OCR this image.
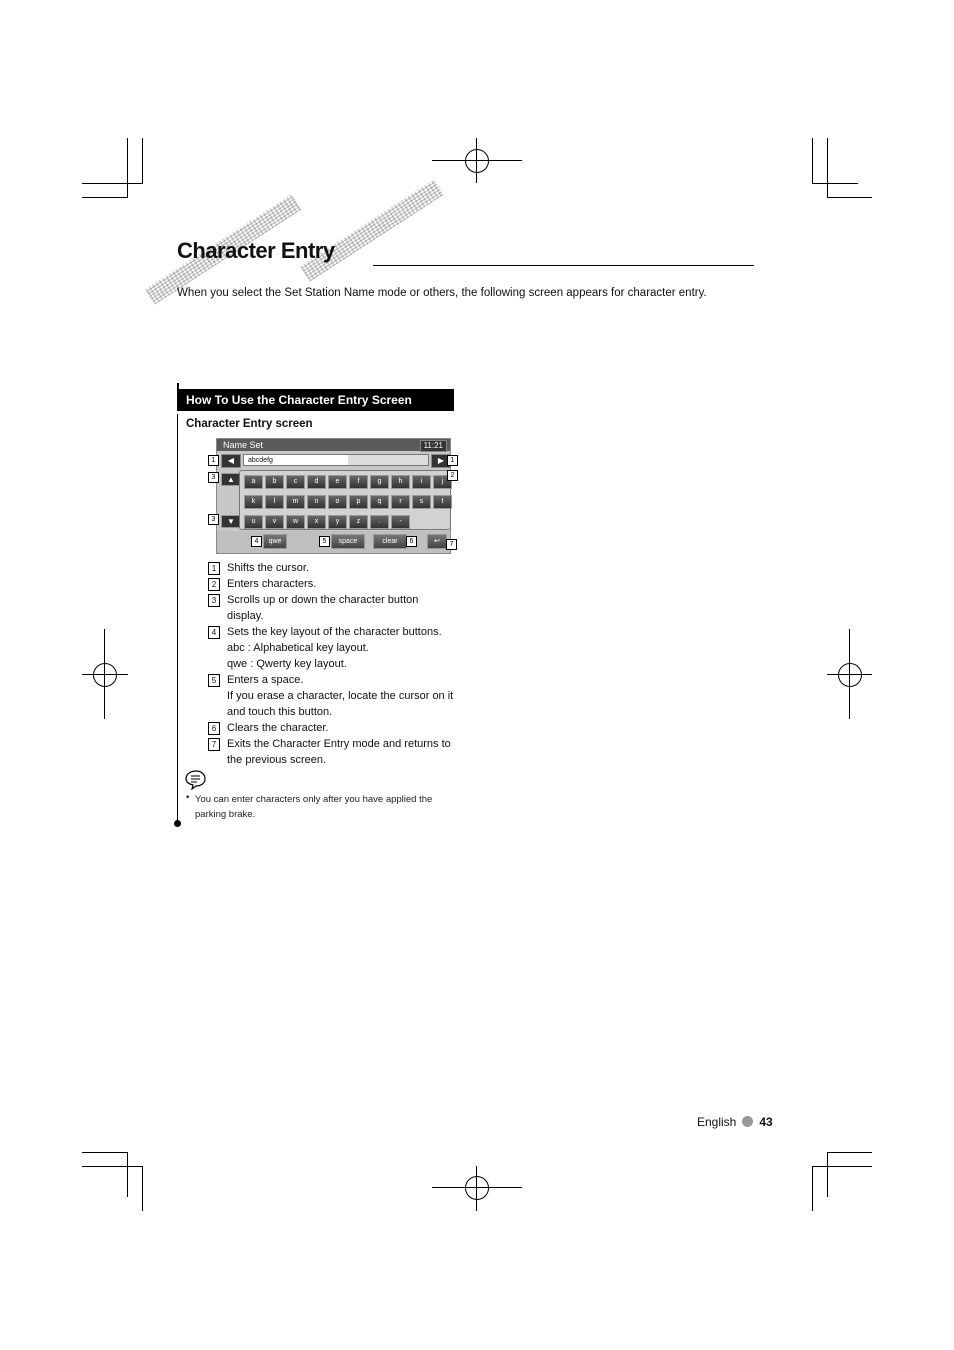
Character Entry

When you select the Set Station Name mode or others, the following screen appears for character entry.

How To Use the Character Entry Screen
Character Entry screen
Name Set	11:21
◀	abcdefg	▶
▲
▼
a	b	c	d	e	f	g	h	i	j
k	l	m	n	o	p	q	r	s	t
u	v	w	x	y	z	.	-
qwe	space	clear	↩
1	1
3	2
3
4	5	6	7
1 Shifts the cursor.
2 Enters characters.
3 Scrolls up or down the character button display.
4 Sets the key layout of the character buttons.
abc : Alphabetical key layout.
qwe : Qwerty key layout.
5 Enters a space.
If you erase a character, locate the cursor on it and touch this button.
6 Clears the character.
7 Exits the Character Entry mode and returns to the previous screen.
• You can enter characters only after you have applied the parking brake.
English 43
